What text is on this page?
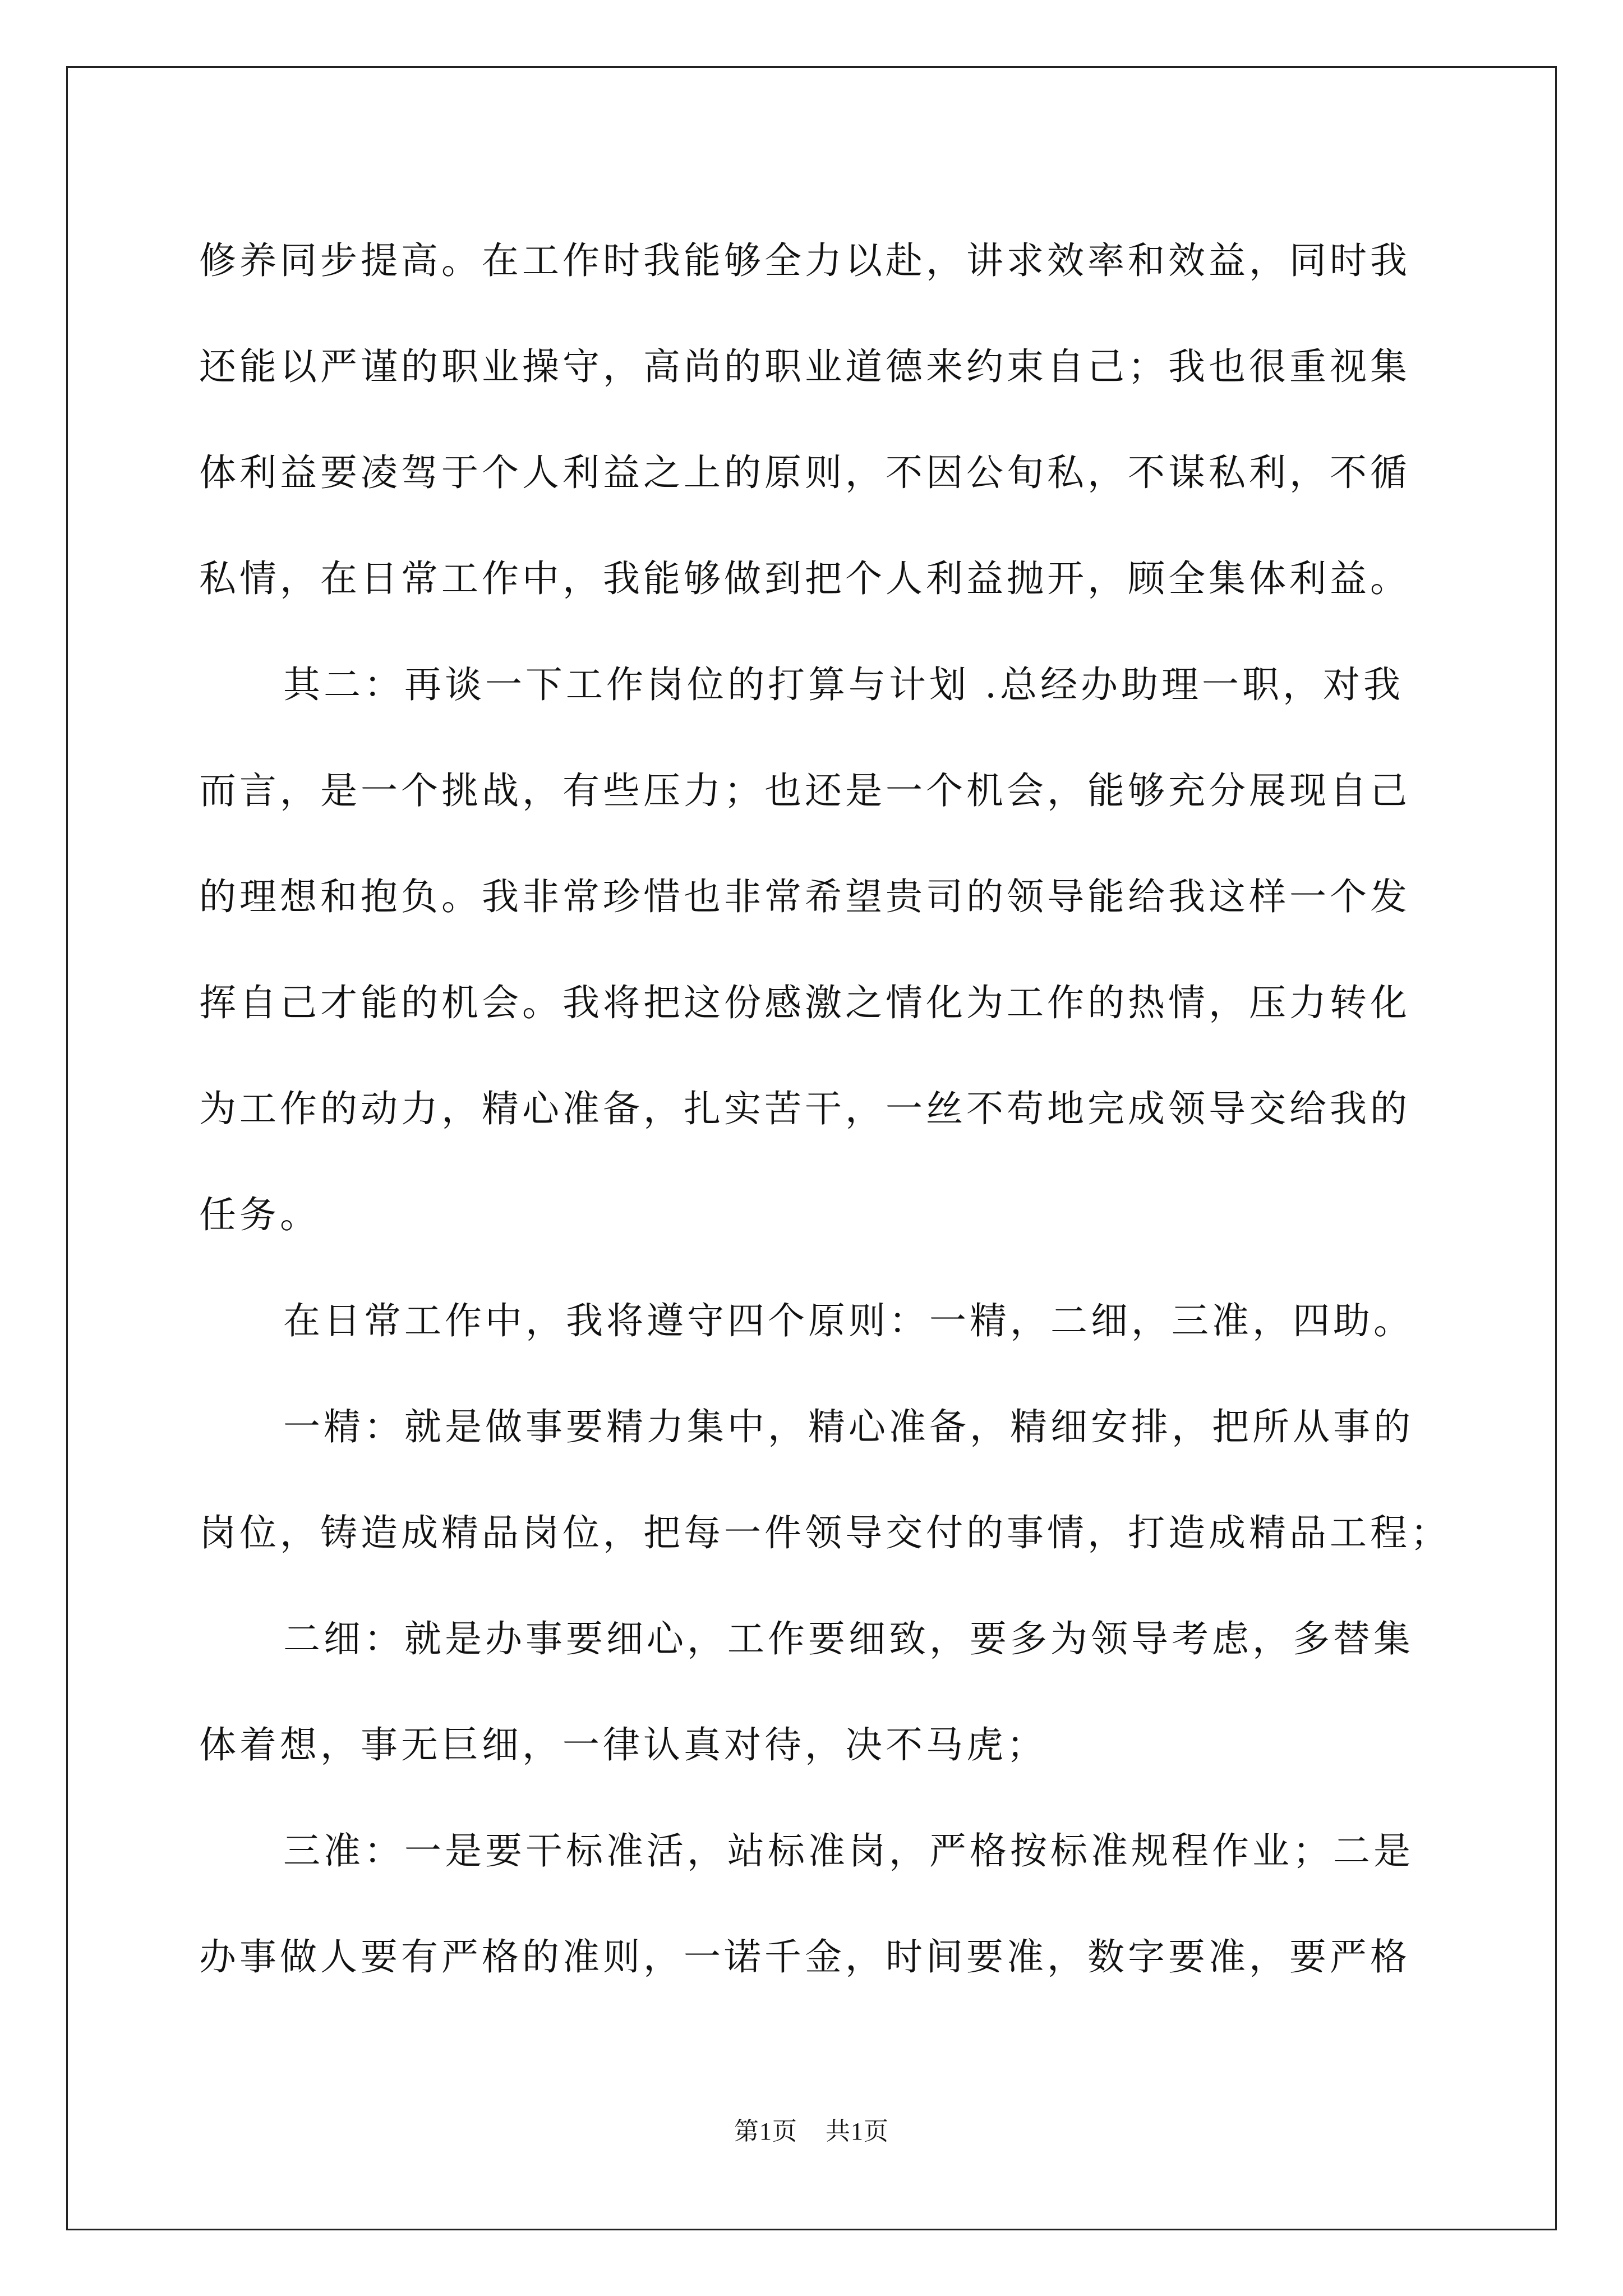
修养同步提高。在工作时我能够全力以赴，讲求效率和效益，同时我

还能以严谨的职业操守，高尚的职业道德来约束自己；我也很重视集

体利益要凌驾于个人利益之上的原则，不因公旬私，不谋私利，不循

私情，在日常工作中，我能够做到把个人利益抛开，顾全集体利益。

其二：再谈一下工作岗位的打算与计划 .总经办助理一职，对我

而言，是一个挑战，有些压力；也还是一个机会，能够充分展现自己

的理想和抱负。我非常珍惜也非常希望贵司的领导能给我这样一个发

挥自己才能的机会。我将把这份感激之情化为工作的热情，压力转化

为工作的动力，精心准备，扎实苦干，一丝不苟地完成领导交给我的

任务。

在日常工作中，我将遵守四个原则：一精，二细，三准，四助。

一精：就是做事要精力集中，精心准备，精细安排，把所从事的

岗位，铸造成精品岗位，把每一件领导交付的事情，打造成精品工程；

二细：就是办事要细心，工作要细致，要多为领导考虑，多替集

体着想，事无巨细，一律认真对待，决不马虎；

三准：一是要干标准活，站标准岗，严格按标准规程作业；二是

办事做人要有严格的准则，一诺千金，时间要准，数字要准，要严格

第1页 共1页
